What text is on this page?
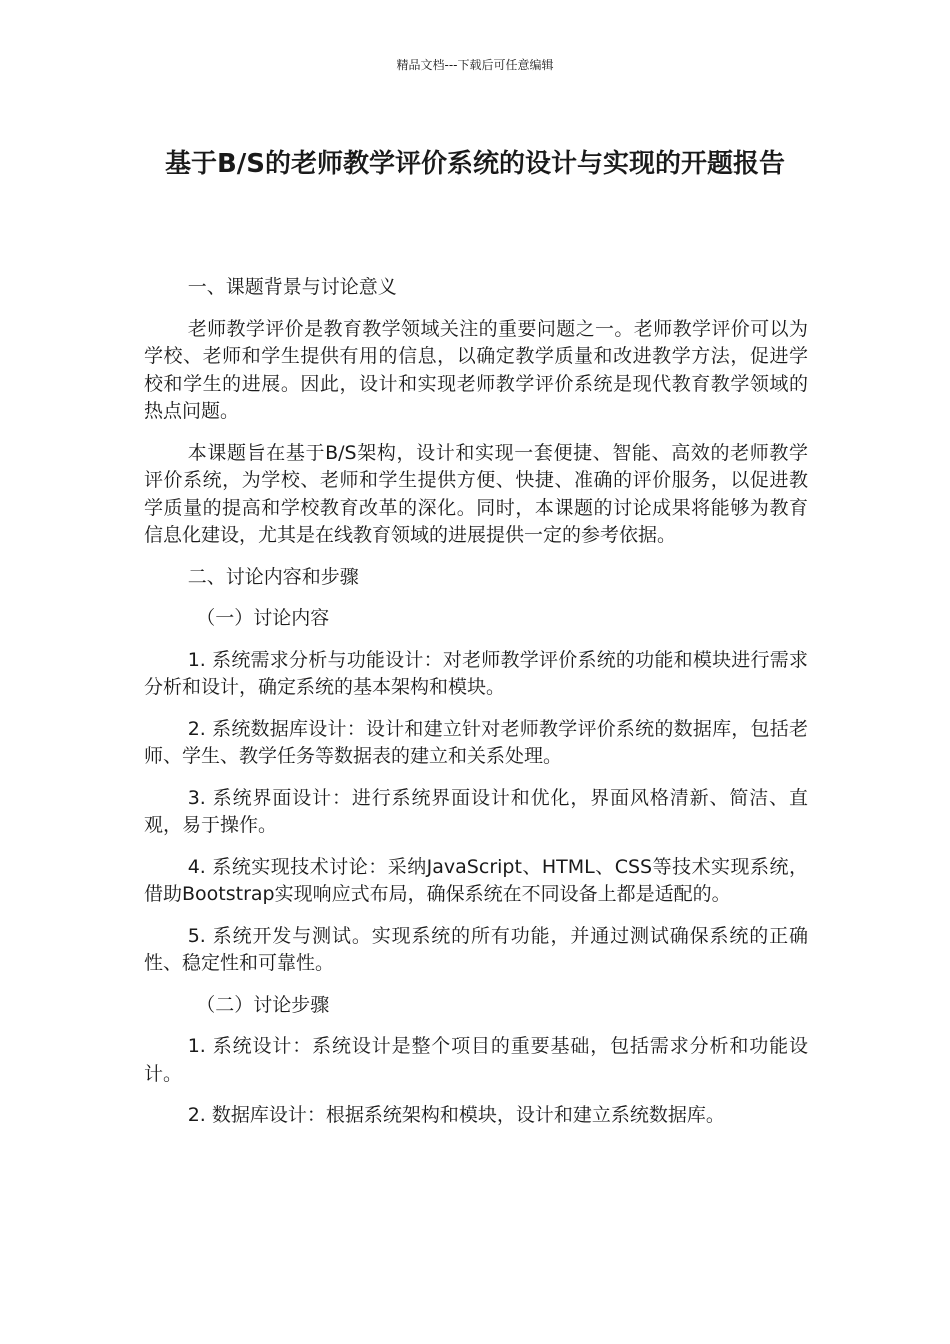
精品文档---下载后可任意编辑
基于B/S的老师教学评价系统的设计与实现的开题报告

一、课题背景与讨论意义

老师教学评价是教育教学领域关注的重要问题之一。老师教学评价可以为学校、老师和学生提供有用的信息，以确定教学质量和改进教学方法，促进学校和学生的进展。因此，设计和实现老师教学评价系统是现代教育教学领域的热点问题。

本课题旨在基于B/S架构，设计和实现一套便捷、智能、高效的老师教学评价系统，为学校、老师和学生提供方便、快捷、准确的评价服务，以促进教学质量的提高和学校教育改革的深化。同时，本课题的讨论成果将能够为教育信息化建设，尤其是在线教育领域的进展提供一定的参考依据。

二、讨论内容和步骤

（一）讨论内容

1. 系统需求分析与功能设计：对老师教学评价系统的功能和模块进行需求分析和设计，确定系统的基本架构和模块。

2. 系统数据库设计：设计和建立针对老师教学评价系统的数据库，包括老师、学生、教学任务等数据表的建立和关系处理。

3. 系统界面设计：进行系统界面设计和优化，界面风格清新、简洁、直观，易于操作。

4. 系统实现技术讨论：采纳JavaScript、HTML、CSS等技术实现系统，借助Bootstrap实现响应式布局，确保系统在不同设备上都是适配的。

5. 系统开发与测试。实现系统的所有功能，并通过测试确保系统的正确性、稳定性和可靠性。

（二）讨论步骤

1. 系统设计：系统设计是整个项目的重要基础，包括需求分析和功能设计。

2. 数据库设计：根据系统架构和模块，设计和建立系统数据库。
